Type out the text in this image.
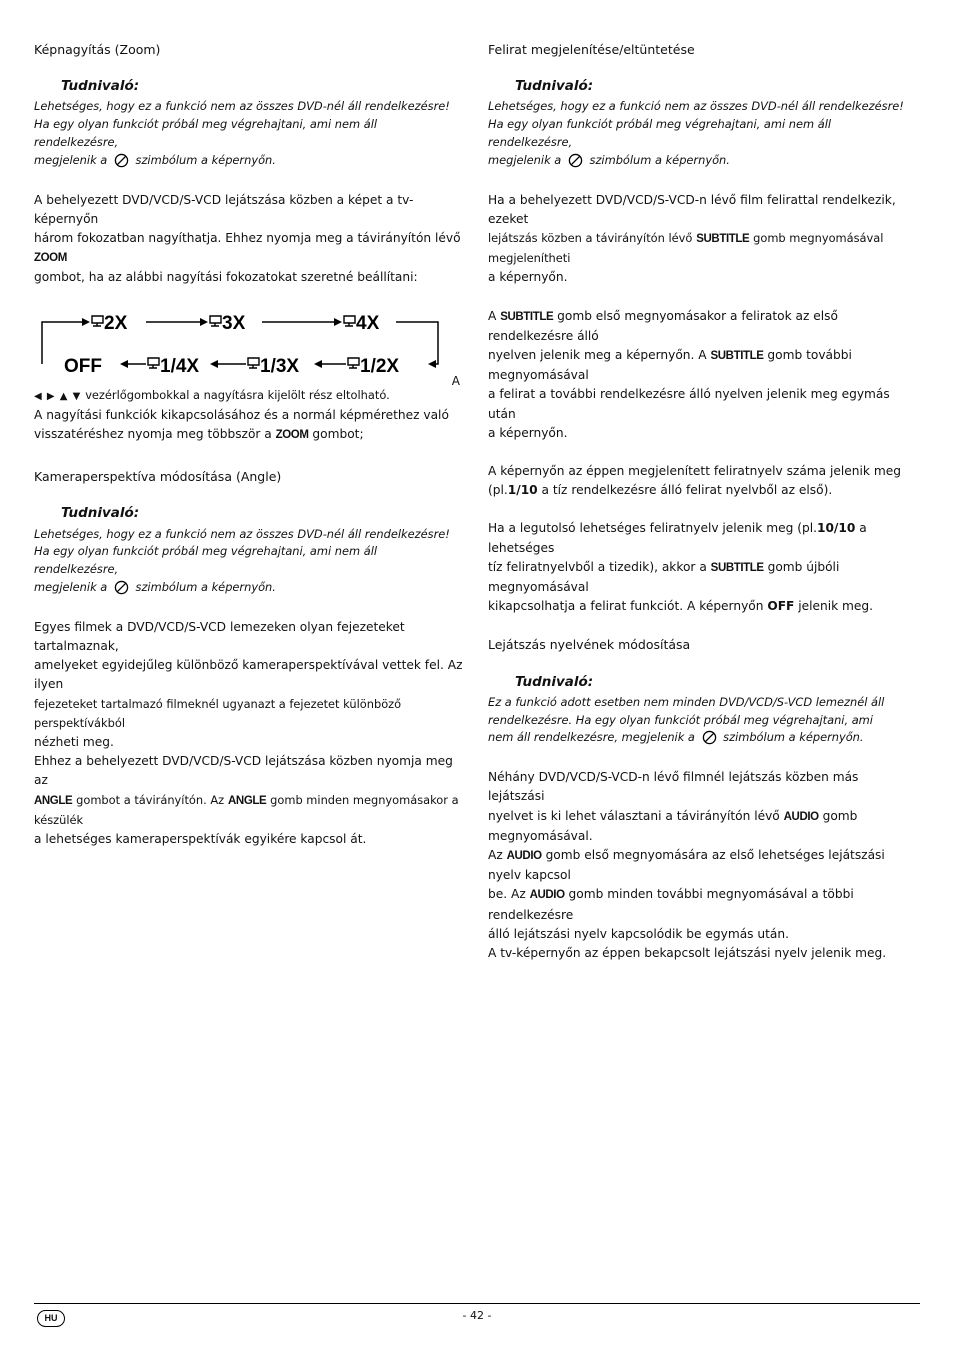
Képnagyítás (Zoom)
Tudnivaló:
Lehetséges, hogy ez a funkció nem az összes DVD-nél áll rendelkezésre!
Ha egy olyan funkciót próbál meg végrehajtani, ami nem áll rendelkezésre,
megjelenik a szimbólum a képernyőn.
A behelyezett DVD/VCD/S-VCD lejátszása közben a képet a tv-képernyőn
három fokozatban nagyíthatja. Ehhez nyomja meg a távirányítón lévő ZOOM
gombot, ha az alábbi nagyítási fokozatokat szeretné beállítani:
2X	3X	4X
OFF	1/4X	1/3X	1/2X
A
◀ ▶ ▲ ▼ vezérlőgombokkal a nagyításra kijelölt rész eltolható.
A nagyítási funkciók kikapcsolásához és a normál képmérethez való
visszatéréshez nyomja meg többször a ZOOM gombot;
Kameraperspektíva módosítása (Angle)
Tudnivaló:
Lehetséges, hogy ez a funkció nem az összes DVD-nél áll rendelkezésre!
Ha egy olyan funkciót próbál meg végrehajtani, ami nem áll rendelkezésre,
megjelenik a szimbólum a képernyőn.
Egyes filmek a DVD/VCD/S-VCD lemezeken olyan fejezeteket tartalmaznak,
amelyeket egyidejűleg különböző kameraperspektívával vettek fel. Az ilyen
fejezeteket tartalmazó filmeknél ugyanazt a fejezetet különböző perspektívákból
nézheti meg.
Ehhez a behelyezett DVD/VCD/S-VCD lejátszása közben nyomja meg az
ANGLE gombot a távirányítón. Az ANGLE gomb minden megnyomásakor a készülék
a lehetséges kameraperspektívák egyikére kapcsol át.
Felirat megjelenítése/eltüntetése
Tudnivaló:
Lehetséges, hogy ez a funkció nem az összes DVD-nél áll rendelkezésre!
Ha egy olyan funkciót próbál meg végrehajtani, ami nem áll rendelkezésre,
megjelenik a szimbólum a képernyőn.
Ha a behelyezett DVD/VCD/S-VCD-n lévő film felirattal rendelkezik, ezeket
lejátszás közben a távirányítón lévő SUBTITLE gomb megnyomásával megjelenítheti
a képernyőn.
A SUBTITLE gomb első megnyomásakor a feliratok az első rendelkezésre álló
nyelven jelenik meg a képernyőn. A SUBTITLE gomb további megnyomásával
a felirat a további rendelkezésre álló nyelven jelenik meg egymás után
a képernyőn.
A képernyőn az éppen megjelenített feliratnyelv száma jelenik meg
(pl.1/10 a tíz rendelkezésre álló felirat nyelvből az első).
Ha a legutolsó lehetséges feliratnyelv jelenik meg (pl.10/10 a lehetséges
tíz feliratnyelvből a tizedik), akkor a SUBTITLE gomb újbóli megnyomásával
kikapcsolhatja a felirat funkciót. A képernyőn OFF jelenik meg.
Lejátszás nyelvének módosítása
Tudnivaló:
Ez a funkció adott esetben nem minden DVD/VCD/S-VCD lemeznél áll
rendelkezésre. Ha egy olyan funkciót próbál meg végrehajtani, ami
nem áll rendelkezésre, megjelenik a szimbólum a képernyőn.
Néhány DVD/VCD/S-VCD-n lévő filmnél lejátszás közben más lejátszási
nyelvet is ki lehet választani a távirányítón lévő AUDIO gomb megnyomásával.
Az AUDIO gomb első megnyomására az első lehetséges lejátszási nyelv kapcsol
be. Az AUDIO gomb minden további megnyomásával a többi rendelkezésre
álló lejátszási nyelv kapcsolódik be egymás után.
A tv-képernyőn az éppen bekapcsolt lejátszási nyelv jelenik meg.
HU	- 42 -
